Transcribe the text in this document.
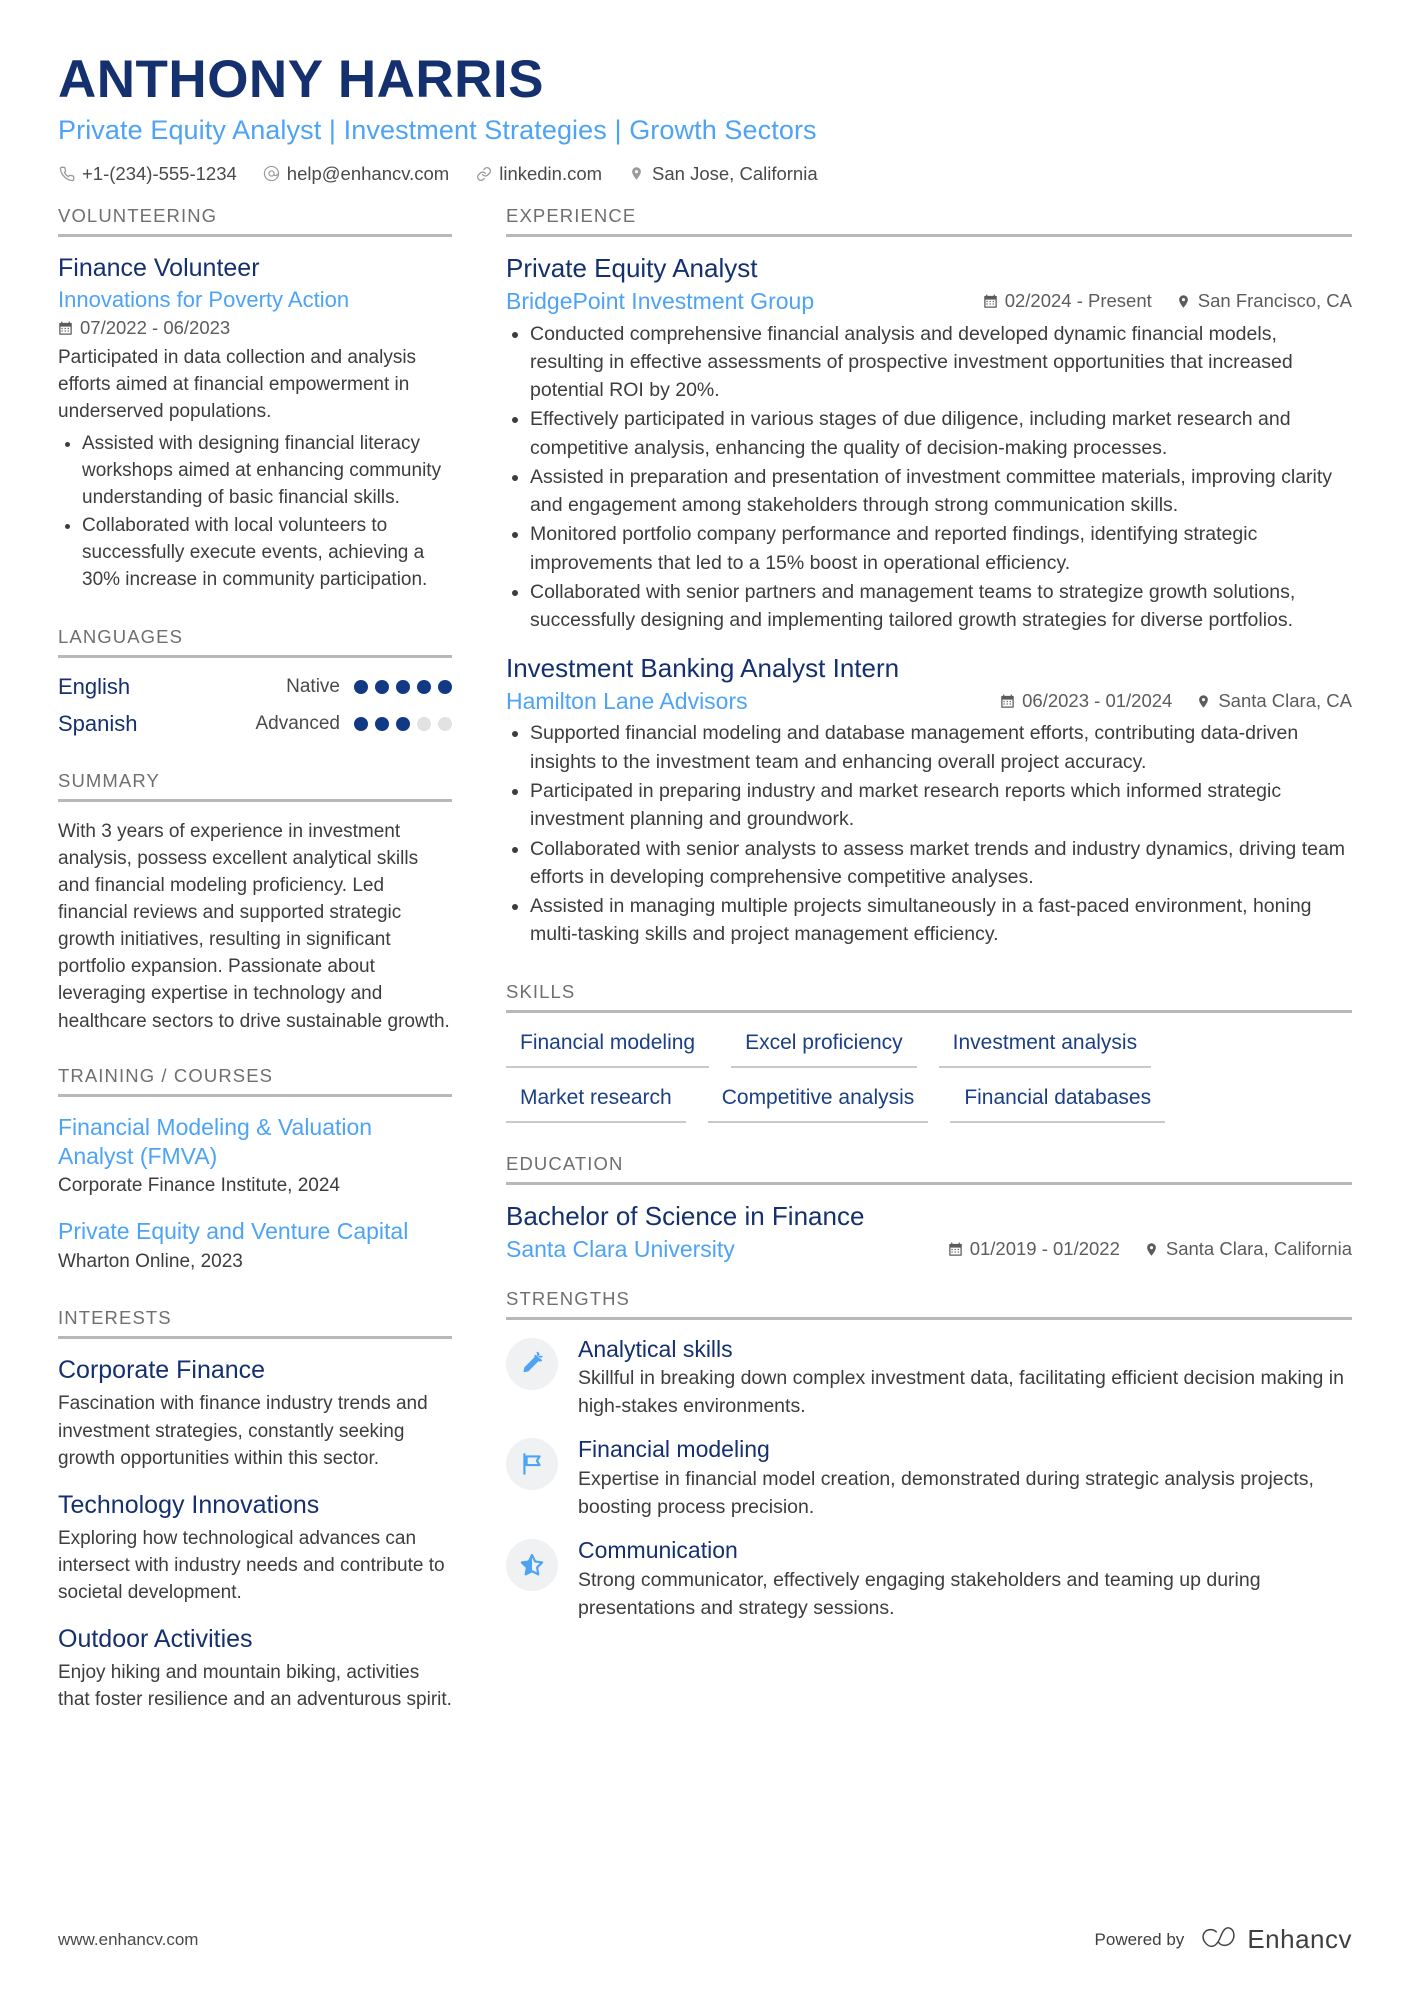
ANTHONY HARRIS
Private Equity Analyst | Investment Strategies | Growth Sectors
+1-(234)-555-1234	help@enhancv.com	linkedin.com	San Jose, California
VOLUNTEERING
Finance Volunteer
Innovations for Poverty Action
07/2022 - 06/2023
Participated in data collection and analysis efforts aimed at financial empowerment in underserved populations.
• Assisted with designing financial literacy workshops aimed at enhancing community understanding of basic financial skills.
• Collaborated with local volunteers to successfully execute events, achieving a 30% increase in community participation.
LANGUAGES
English	Native
Spanish	Advanced
SUMMARY
With 3 years of experience in investment analysis, possess excellent analytical skills and financial modeling proficiency. Led financial reviews and supported strategic growth initiatives, resulting in significant portfolio expansion. Passionate about leveraging expertise in technology and healthcare sectors to drive sustainable growth.
TRAINING / COURSES
Financial Modeling & Valuation Analyst (FMVA)
Corporate Finance Institute, 2024
Private Equity and Venture Capital
Wharton Online, 2023
INTERESTS
Corporate Finance
Fascination with finance industry trends and investment strategies, constantly seeking growth opportunities within this sector.
Technology Innovations
Exploring how technological advances can intersect with industry needs and contribute to societal development.
Outdoor Activities
Enjoy hiking and mountain biking, activities that foster resilience and an adventurous spirit.
EXPERIENCE
Private Equity Analyst
BridgePoint Investment Group	02/2024 - Present San Francisco, CA
• Conducted comprehensive financial analysis and developed dynamic financial models, resulting in effective assessments of prospective investment opportunities that increased potential ROI by 20%.
• Effectively participated in various stages of due diligence, including market research and competitive analysis, enhancing the quality of decision-making processes.
• Assisted in preparation and presentation of investment committee materials, improving clarity and engagement among stakeholders through strong communication skills.
• Monitored portfolio company performance and reported findings, identifying strategic improvements that led to a 15% boost in operational efficiency.
• Collaborated with senior partners and management teams to strategize growth solutions, successfully designing and implementing tailored growth strategies for diverse portfolios.
Investment Banking Analyst Intern
Hamilton Lane Advisors	06/2023 - 01/2024 Santa Clara, CA
• Supported financial modeling and database management efforts, contributing data-driven insights to the investment team and enhancing overall project accuracy.
• Participated in preparing industry and market research reports which informed strategic investment planning and groundwork.
• Collaborated with senior analysts to assess market trends and industry dynamics, driving team efforts in developing comprehensive competitive analyses.
• Assisted in managing multiple projects simultaneously in a fast-paced environment, honing multi-tasking skills and project management efficiency.
SKILLS
Financial modeling	Excel proficiency	Investment analysis
Market research	Competitive analysis	Financial databases
EDUCATION
Bachelor of Science in Finance
Santa Clara University	01/2019 - 01/2022 Santa Clara, California
STRENGTHS
Analytical skills
Skillful in breaking down complex investment data, facilitating efficient decision making in high-stakes environments.
Financial modeling
Expertise in financial model creation, demonstrated during strategic analysis projects, boosting process precision.
Communication
Strong communicator, effectively engaging stakeholders and teaming up during presentations and strategy sessions.
www.enhancv.com	Powered by Enhancv
